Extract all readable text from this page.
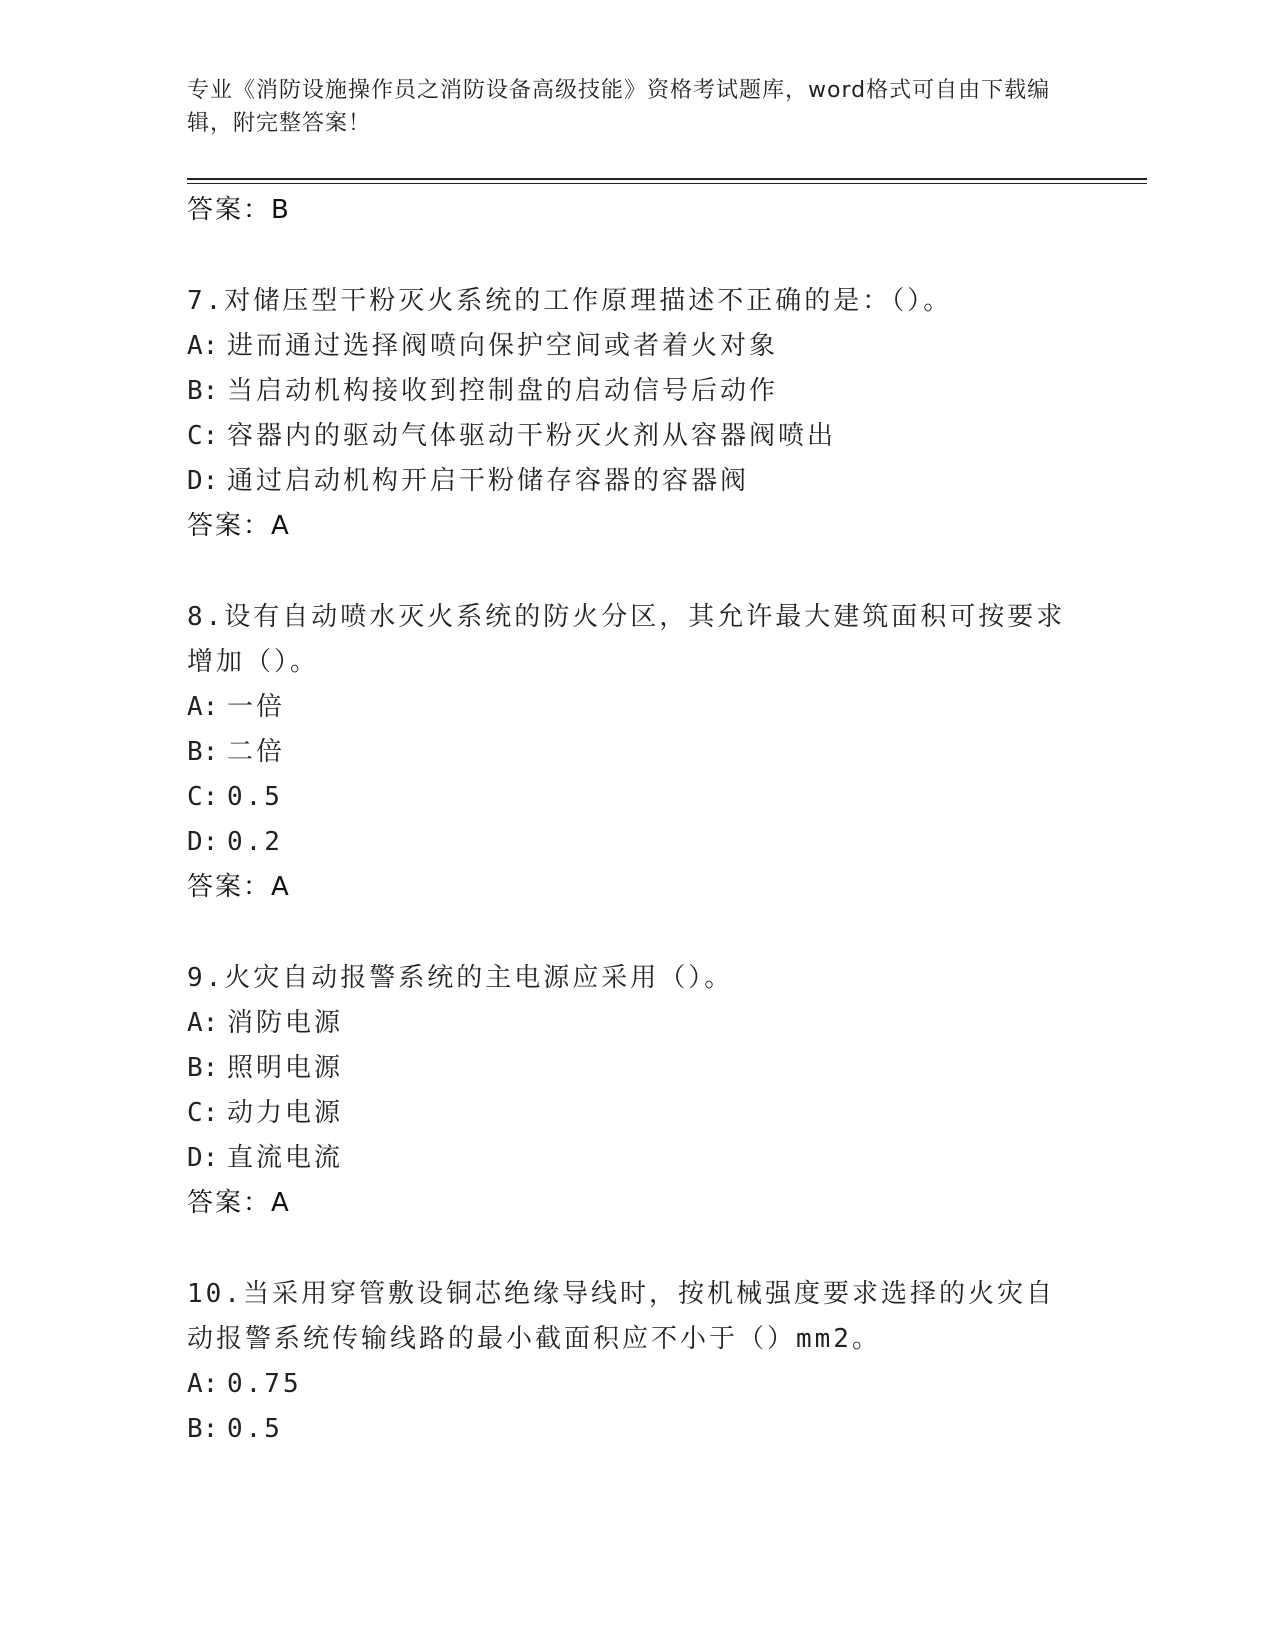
专业《消防设施操作员之消防设备高级技能》资格考试题库，word格式可自由下载编辑，附完整答案！
答案：B

7.对储压型干粉灭火系统的工作原理描述不正确的是：（）。

A: 进而通过选择阀喷向保护空间或者着火对象
B: 当启动机构接收到控制盘的启动信号后动作
C: 容器内的驱动气体驱动干粉灭火剂从容器阀喷出
D: 通过启动机构开启干粉储存容器的容器阀
答案：A

8.设有自动喷水灭火系统的防火分区，其允许最大建筑面积可按要求增加（）。

A: 一倍
B: 二倍
C: 0.5
D: 0.2
答案：A

9.火灾自动报警系统的主电源应采用（）。

A: 消防电源
B: 照明电源
C: 动力电源
D: 直流电流
答案：A

10.当采用穿管敷设铜芯绝缘导线时，按机械强度要求选择的火灾自动报警系统传输线路的最小截面积应不小于（）mm2。

A: 0.75
B: 0.5
